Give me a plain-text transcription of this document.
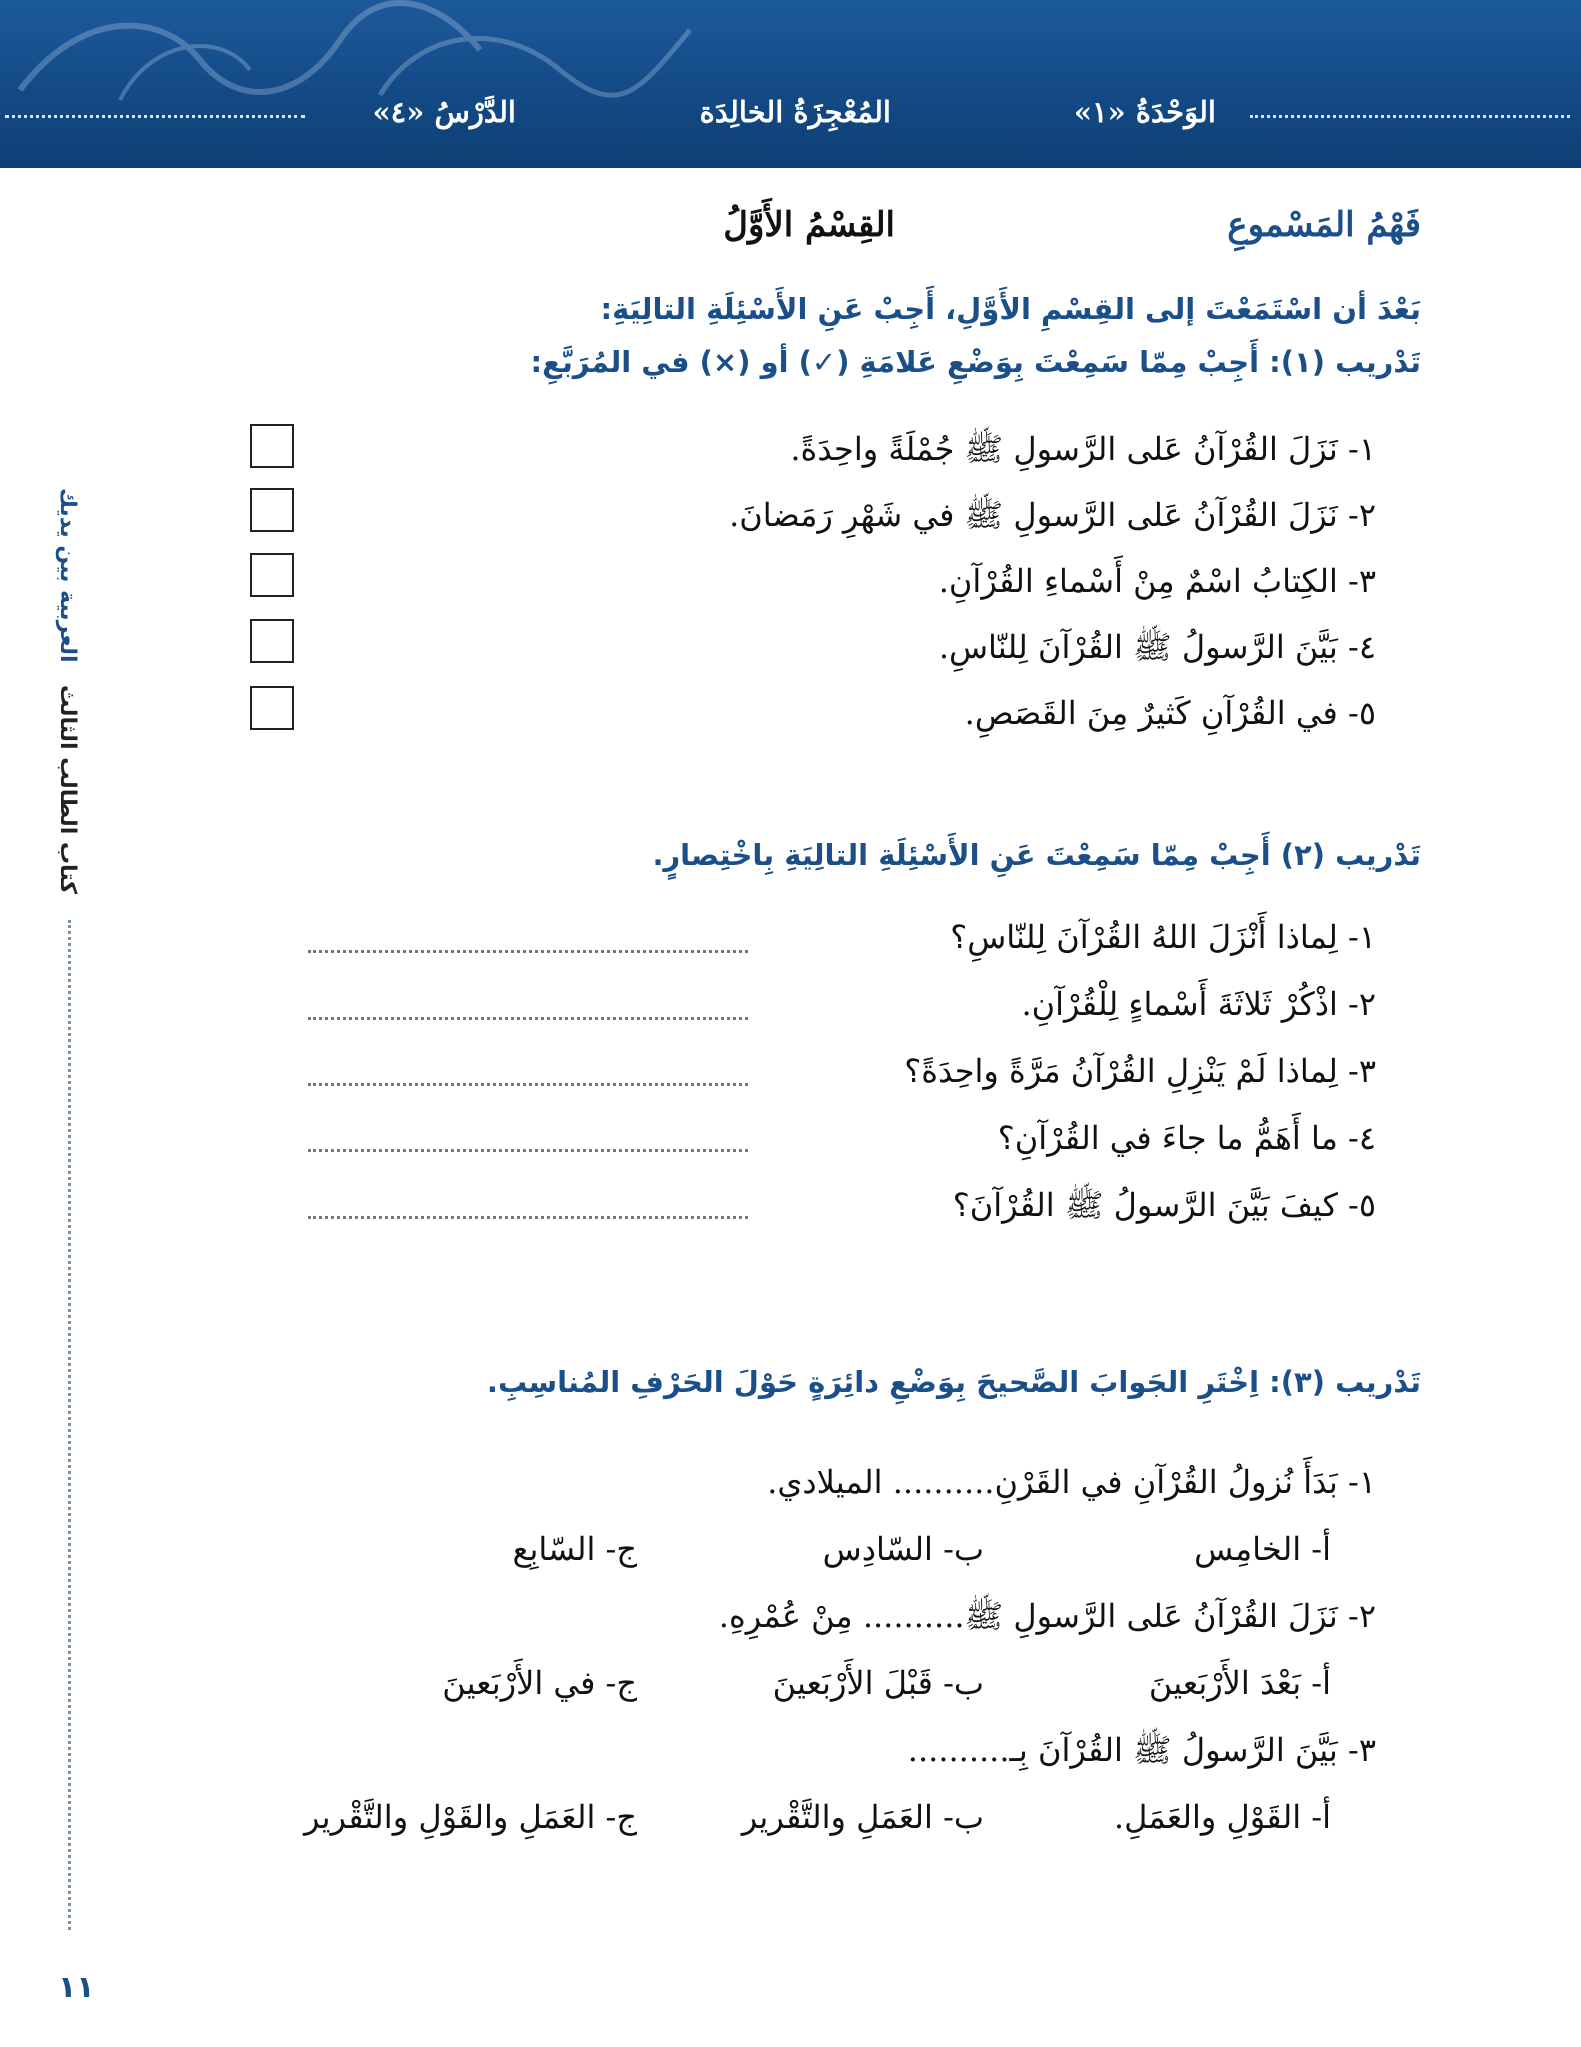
الوَحْدَةُ «١»
المُعْجِزَةُ الخالِدَة
الدَّرْسُ «٤»
فَهْمُ المَسْموعِ
القِسْمُ الأَوَّلُ
بَعْدَ أن اسْتَمَعْتَ إلى القِسْمِ الأَوَّلِ، أَجِبْ عَنِ الأَسْئِلَةِ التالِيَةِ:
تَدْريب (١): أَجِبْ مِمّا سَمِعْتَ بِوَضْعِ عَلامَةِ (✓) أو (×) في المُرَبَّعِ:
١- نَزَلَ القُرْآنُ عَلى الرَّسولِ ﷺ جُمْلَةً واحِدَةً.
٢- نَزَلَ القُرْآنُ عَلى الرَّسولِ ﷺ في شَهْرِ رَمَضانَ.
٣- الكِتابُ اسْمٌ مِنْ أَسْماءِ القُرْآنِ.
٤- بَيَّنَ الرَّسولُ ﷺ القُرْآنَ لِلنّاسِ.
٥- في القُرْآنِ كَثيرٌ مِنَ القَصَصِ.
تَدْريب (٢) أَجِبْ مِمّا سَمِعْتَ عَنِ الأَسْئِلَةِ التالِيَةِ بِاخْتِصارٍ.
١- لِماذا أَنْزَلَ اللهُ القُرْآنَ لِلنّاسِ؟
٢- اذْكُرْ ثَلاثَةَ أَسْماءٍ لِلْقُرْآنِ.
٣- لِماذا لَمْ يَنْزِلِ القُرْآنُ مَرَّةً واحِدَةً؟
٤- ما أَهَمُّ ما جاءَ في القُرْآنِ؟
٥- كيفَ بَيَّنَ الرَّسولُ ﷺ القُرْآنَ؟
تَدْريب (٣): اِخْتَرِ الجَوابَ الصَّحيحَ بِوَضْعِ دائِرَةٍ حَوْلَ الحَرْفِ المُناسِبِ.
١- بَدَأَ نُزولُ القُرْآنِ في القَرْنِ.......... الميلادي.
أ- الخامِس
ب- السّادِس
ج- السّابِع
٢- نَزَلَ القُرْآنُ عَلى الرَّسولِ ﷺ.......... مِنْ عُمْرِهِ.
أ- بَعْدَ الأَرْبَعينَ
ب- قَبْلَ الأَرْبَعينَ
ج- في الأَرْبَعينَ
٣- بَيَّنَ الرَّسولُ ﷺ القُرْآنَ بِـ..........
أ- القَوْلِ والعَمَلِ.
ب- العَمَلِ والتَّقْرير
ج- العَمَلِ والقَوْلِ والتَّقْرير
العربية بين يديك
كتاب الطالب الثالث
١١
